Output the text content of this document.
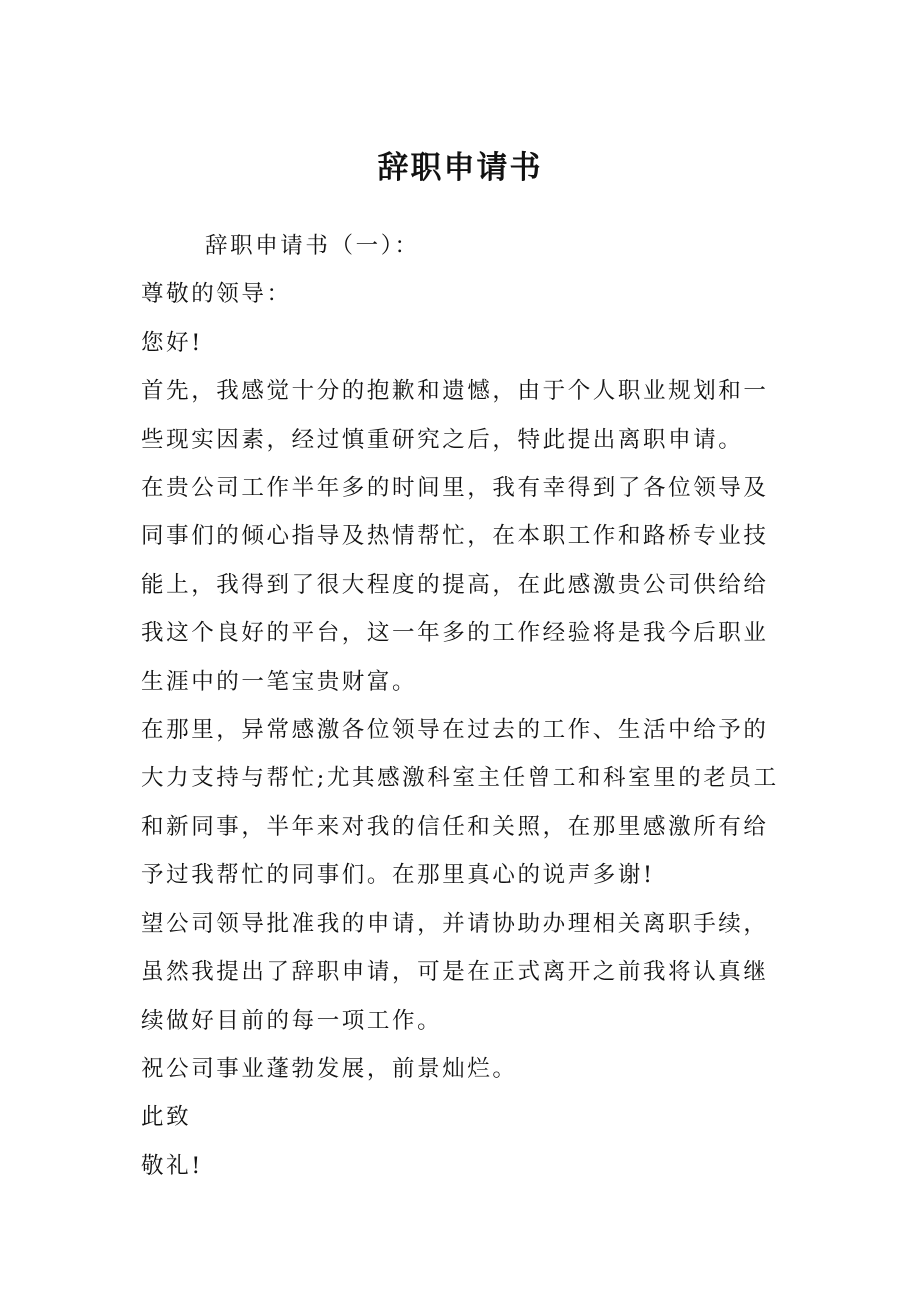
辞职申请书

辞职申请书（一）：

尊敬的领导：

您好!

首先，我感觉十分的抱歉和遗憾，由于个人职业规划和一些现实因素，经过慎重研究之后，特此提出离职申请。

在贵公司工作半年多的时间里，我有幸得到了各位领导及同事们的倾心指导及热情帮忙，在本职工作和路桥专业技能上，我得到了很大程度的提高，在此感激贵公司供给给我这个良好的平台，这一年多的工作经验将是我今后职业生涯中的一笔宝贵财富。

在那里，异常感激各位领导在过去的工作、生活中给予的大力支持与帮忙;尤其感激科室主任曾工和科室里的老员工和新同事，半年来对我的信任和关照，在那里感激所有给予过我帮忙的同事们。在那里真心的说声多谢!

望公司领导批准我的申请，并请协助办理相关离职手续，虽然我提出了辞职申请，可是在正式离开之前我将认真继续做好目前的每一项工作。

祝公司事业蓬勃发展，前景灿烂。

此致

敬礼!
